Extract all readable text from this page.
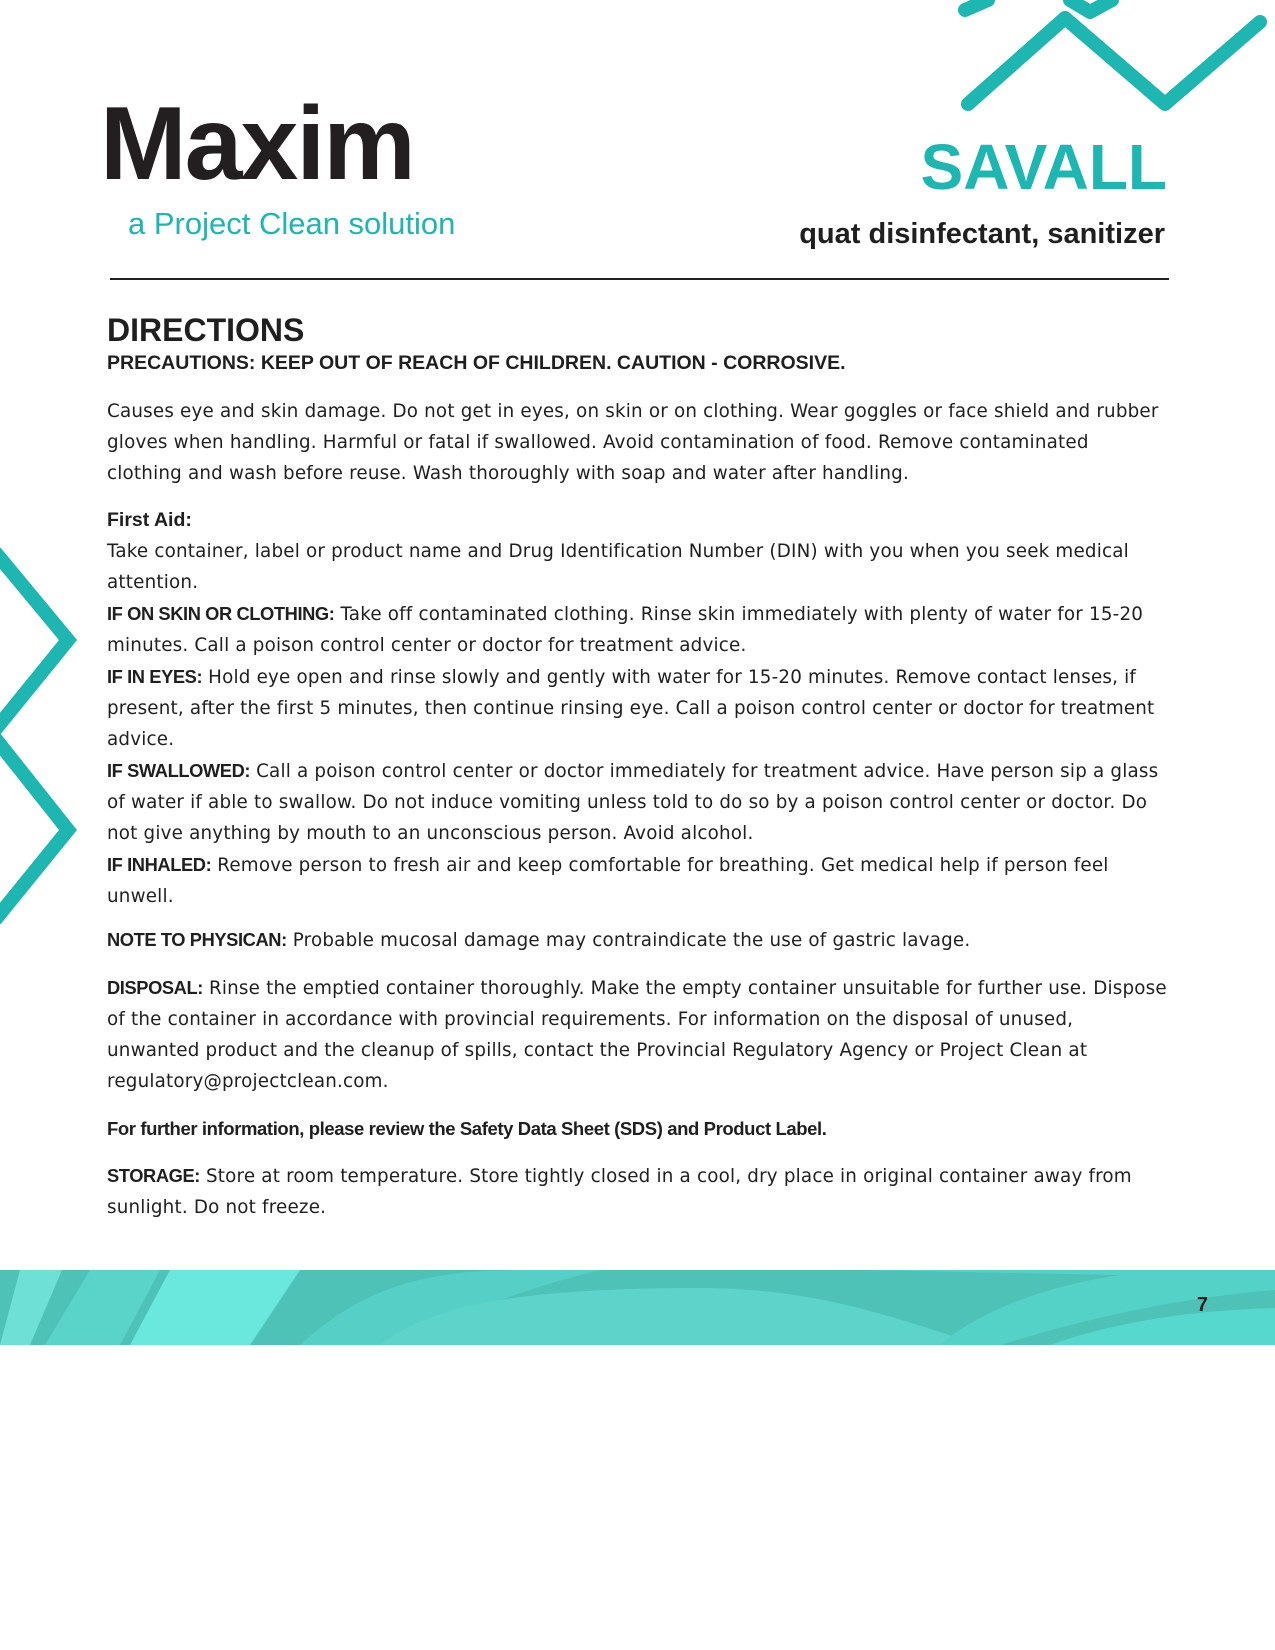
Maxim
a Project Clean solution
SAVALL
quat disinfectant, sanitizer
DIRECTIONS

PRECAUTIONS: KEEP OUT OF REACH OF CHILDREN. CAUTION - CORROSIVE.

Causes eye and skin damage. Do not get in eyes, on skin or on clothing. Wear goggles or face shield and rubber gloves when handling. Harmful or fatal if swallowed. Avoid contamination of food. Remove contaminated clothing and wash before reuse. Wash thoroughly with soap and water after handling.

First Aid:

Take container, label or product name and Drug Identification Number (DIN) with you when you seek medical attention.

IF ON SKIN OR CLOTHING: Take off contaminated clothing. Rinse skin immediately with plenty of water for 15-20 minutes. Call a poison control center or doctor for treatment advice.

IF IN EYES: Hold eye open and rinse slowly and gently with water for 15-20 minutes. Remove contact lenses, if present, after the first 5 minutes, then continue rinsing eye. Call a poison control center or doctor for treatment advice.

IF SWALLOWED: Call a poison control center or doctor immediately for treatment advice. Have person sip a glass of water if able to swallow. Do not induce vomiting unless told to do so by a poison control center or doctor. Do not give anything by mouth to an unconscious person. Avoid alcohol.

IF INHALED: Remove person to fresh air and keep comfortable for breathing. Get medical help if person feel unwell.

NOTE TO PHYSICAN: Probable mucosal damage may contraindicate the use of gastric lavage.

DISPOSAL: Rinse the emptied container thoroughly. Make the empty container unsuitable for further use. Dispose of the container in accordance with provincial requirements. For information on the disposal of unused, unwanted product and the cleanup of spills, contact the Provincial Regulatory Agency or Project Clean at regulatory@projectclean.com.

For further information, please review the Safety Data Sheet (SDS) and Product Label.

STORAGE: Store at room temperature. Store tightly closed in a cool, dry place in original container away from sunlight. Do not freeze.

7
